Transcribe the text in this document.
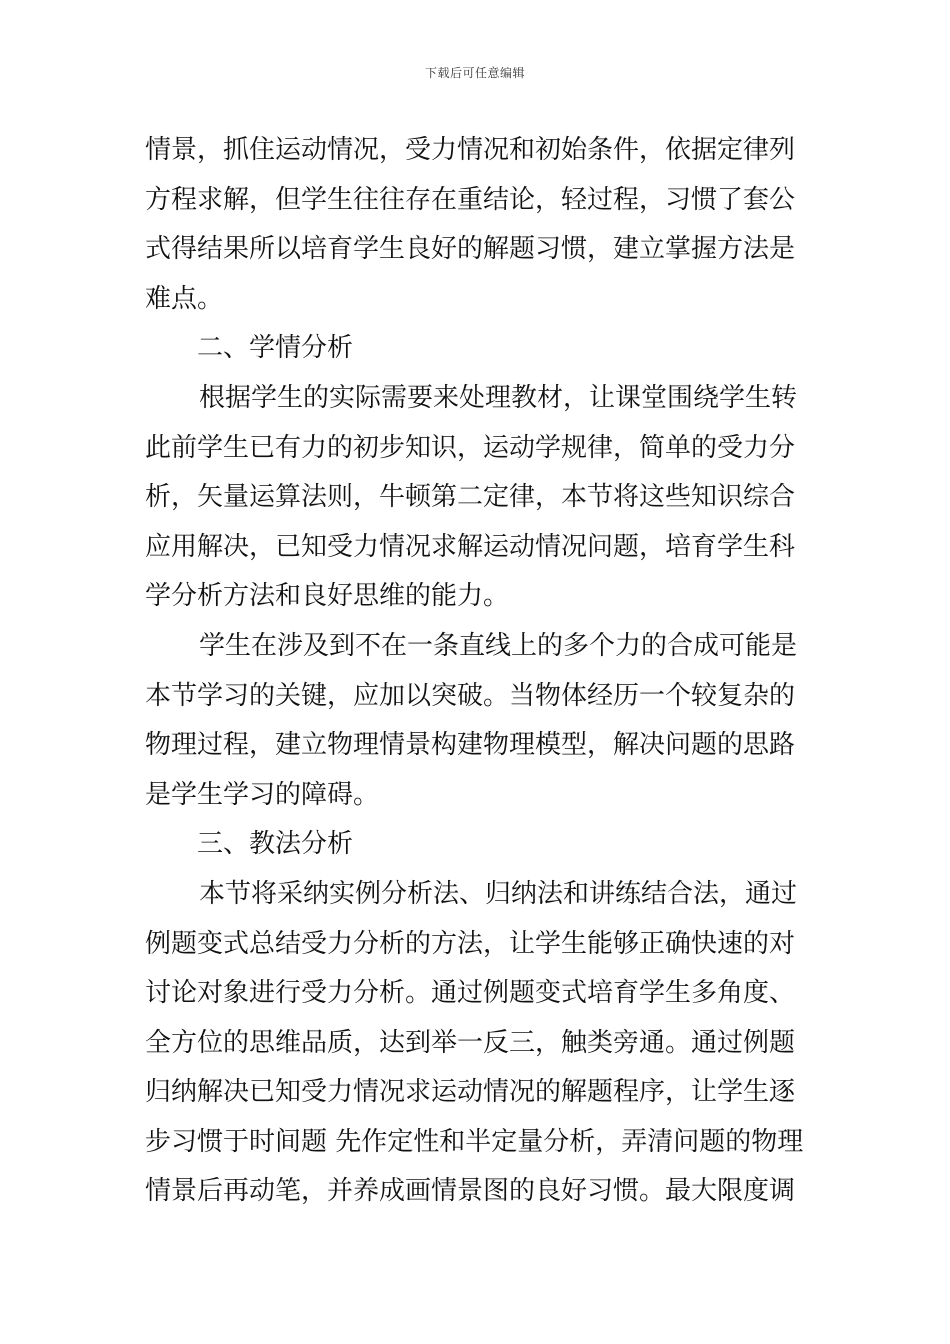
下载后可任意编辑
情景，抓住运动情况，受力情况和初始条件，依据定律列
方程求解，但学生往往存在重结论，轻过程，习惯了套公
式得结果所以培育学生良好的解题习惯，建立掌握方法是
难点。
二、学情分析
根据学生的实际需要来处理教材，让课堂围绕学生转
此前学生已有力的初步知识，运动学规律，简单的受力分
析，矢量运算法则，牛顿第二定律，本节将这些知识综合
应用解决，已知受力情况求解运动情况问题，培育学生科
学分析方法和良好思维的能力。
学生在涉及到不在一条直线上的多个力的合成可能是
本节学习的关键，应加以突破。当物体经历一个较复杂的
物理过程，建立物理情景构建物理模型，解决问题的思路
是学生学习的障碍。
三、教法分析
本节将采纳实例分析法、归纳法和讲练结合法，通过
例题变式总结受力分析的方法，让学生能够正确快速的对
讨论对象进行受力分析。通过例题变式培育学生多角度、
全方位的思维品质，达到举一反三，触类旁通。通过例题
归纳解决已知受力情况求运动情况的解题程序，让学生逐
步习惯于时间题 先作定性和半定量分析，弄清问题的物理
情景后再动笔，并养成画情景图的良好习惯。最大限度调
